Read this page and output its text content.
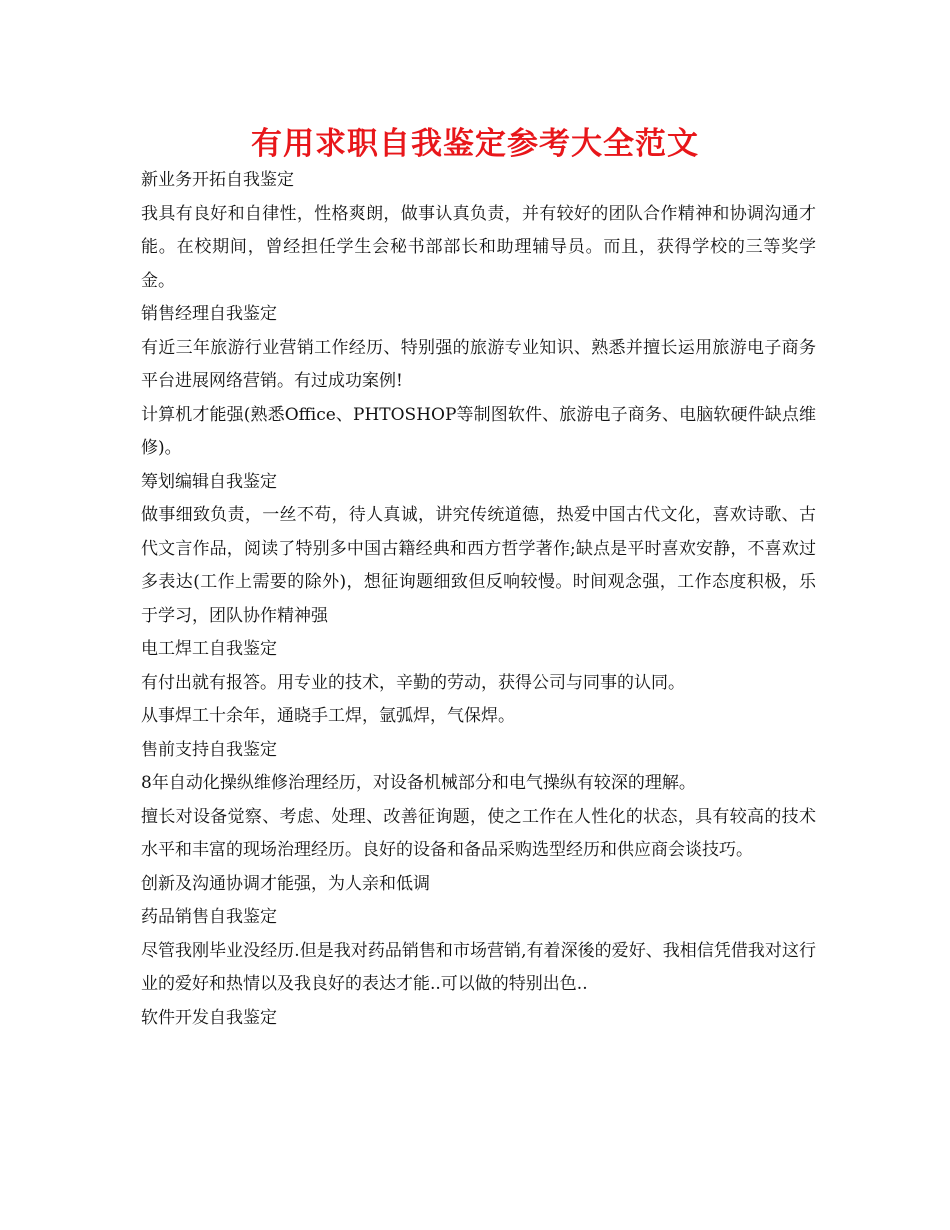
有用求职自我鉴定参考大全范文

新业务开拓自我鉴定

我具有良好和自律性，性格爽朗，做事认真负责，并有较好的团队合作精神和协调沟通才能。在校期间，曾经担任学生会秘书部部长和助理辅导员。而且，获得学校的三等奖学金。

销售经理自我鉴定

有近三年旅游行业营销工作经历、特别强的旅游专业知识、熟悉并擅长运用旅游电子商务平台进展网络营销。有过成功案例!

计算机才能强(熟悉Office、PHTOSHOP等制图软件、旅游电子商务、电脑软硬件缺点维修)。

筹划编辑自我鉴定

做事细致负责，一丝不苟，待人真诚，讲究传统道德，热爱中国古代文化，喜欢诗歌、古代文言作品，阅读了特别多中国古籍经典和西方哲学著作;缺点是平时喜欢安静，不喜欢过多表达(工作上需要的除外)，想征询题细致但反响较慢。时间观念强，工作态度积极，乐于学习，团队协作精神强

电工焊工自我鉴定

有付出就有报答。用专业的技术，辛勤的劳动，获得公司与同事的认同。

从事焊工十余年，通晓手工焊，氩弧焊，气保焊。

售前支持自我鉴定

8年自动化操纵维修治理经历，对设备机械部分和电气操纵有较深的理解。

擅长对设备觉察、考虑、处理、改善征询题，使之工作在人性化的状态，具有较高的技术水平和丰富的现场治理经历。良好的设备和备品采购选型经历和供应商会谈技巧。

创新及沟通协调才能强，为人亲和低调

药品销售自我鉴定

尽管我刚毕业没经历.但是我对药品销售和市场营销,有着深後的爱好、我相信凭借我对这行业的爱好和热情以及我良好的表达才能..可以做的特别出色..

软件开发自我鉴定
